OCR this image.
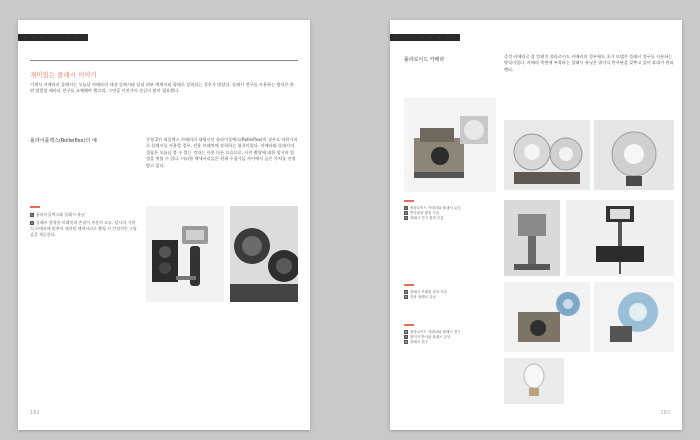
· · · · · · · · ·
재미있는 플래시 이야기
기계식 카메라의 플래시는 오늘날 카메라의 내장 플래시와 달리 외부 액세서리 형태로 장착되는 경우가 많았다. 플래시 전구를 사용하는 방식은 한 번 발광할 때마다 전구를 교체해야 했으며, 그만큼 사진가의 손길이 많이 필요했다.
롤라이플렉스(Rolleiflex)의 예	중형 2안 리플렉스 카메라의 대명사인 롤라이플렉스(Rolleiflex)의 경우도 마찬가지로 플래시를 사용할 경우, 전용 브래킷에 장착하는 형식이었다. 카메라와 플래시의 결합은 오늘날 볼 수 있는 것과는 사뭇 다른 모습으로, 사진 촬영에 대한 당시의 열정을 엿볼 수 있다. 이러한 액세서리들은 현재 수집가들 사이에서 높은 가치를 인정받고 있다.
1 롤라이플렉스와 플래시 유닛
2 플래시 장착용 브래킷과 손잡이 부분의 모습. 당시의 기계식 카메라에 맞추어 제작된 액세서리로 촬영 시 안정적인 그립감을 제공한다.
182
· · · · · · · · ·
폴라로이드 카메라
즉석 카메라로 잘 알려진 폴라로이드 카메라의 경우에도 초기 모델은 플래시 전구를 사용하는 방식이었다. 카메라 측면에 부착하는 플래시 유닛은 접이식 반사판을 갖추고 있어 휴대가 편리했다.
1 폴라로이드 카메라와 플래시 유닛
2 반사판을 펼친 모습
3 플래시 전구 장착 부분
4 플래시 브래킷 장착 모습
5 전용 플래시 유닛
6 폴라로이드 카메라와 플래시 전구
7 접이식 반사판 플래시 유닛
8 플래시 전구
183
